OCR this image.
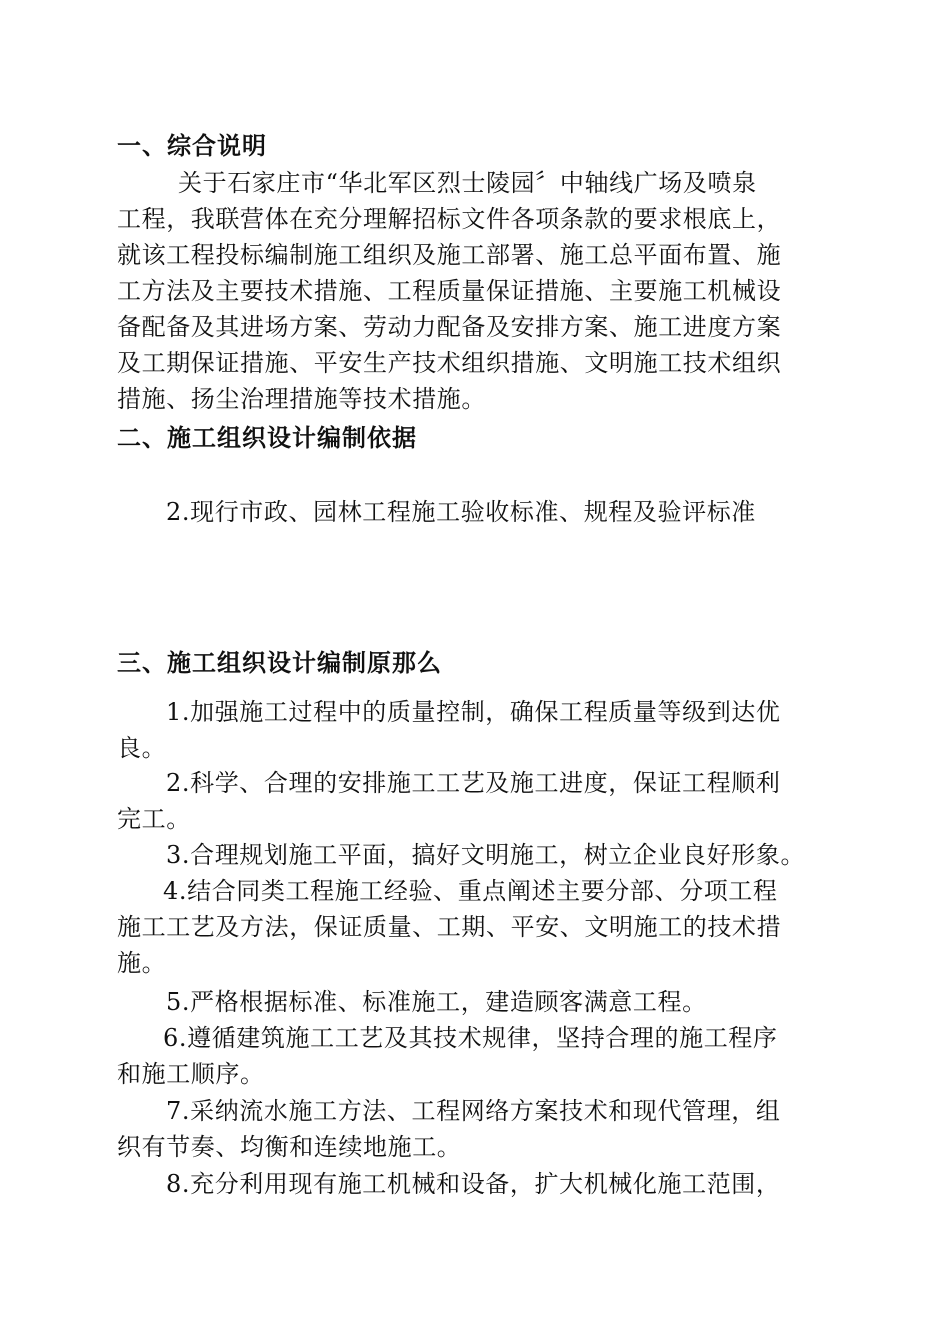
一、综合说明
关于石家庄市“华北军区烈士陵园〞中轴线广场及喷泉
工程，我联营体在充分理解招标文件各项条款的要求根底上，
就该工程投标编制施工组织及施工部署、施工总平面布置、施
工方法及主要技术措施、工程质量保证措施、主要施工机械设
备配备及其进场方案、劳动力配备及安排方案、施工进度方案
及工期保证措施、平安生产技术组织措施、文明施工技术组织
措施、扬尘治理措施等技术措施。
二、施工组织设计编制依据
2.现行市政、园林工程施工验收标准、规程及验评标准
三、施工组织设计编制原那么
1.加强施工过程中的质量控制，确保工程质量等级到达优
良。
2.科学、合理的安排施工工艺及施工进度，保证工程顺利
完工。
3.合理规划施工平面，搞好文明施工，树立企业良好形象。
4.结合同类工程施工经验、重点阐述主要分部、分项工程
施工工艺及方法，保证质量、工期、平安、文明施工的技术措
施。
5.严格根据标准、标准施工，建造顾客满意工程。
6.遵循建筑施工工艺及其技术规律，坚持合理的施工程序
和施工顺序。
7.采纳流水施工方法、工程网络方案技术和现代管理，组
织有节奏、均衡和连续地施工。
8.充分利用现有施工机械和设备，扩大机械化施工范围，
